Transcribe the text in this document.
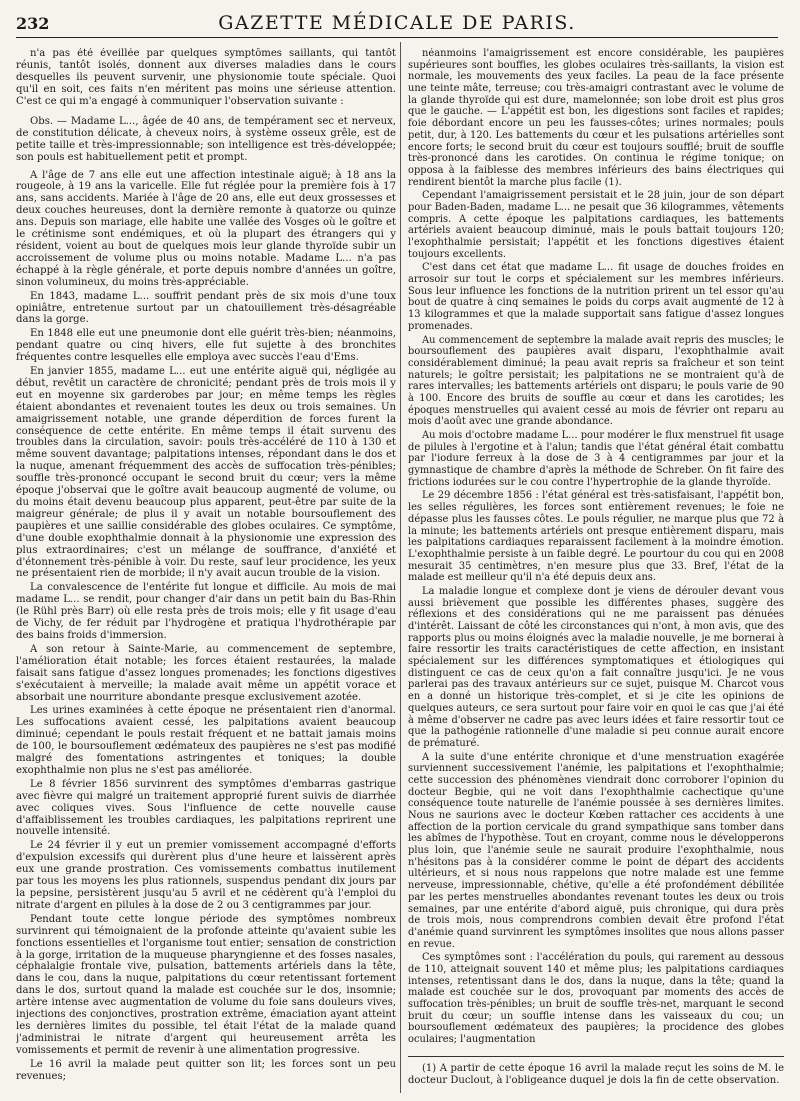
232	GAZETTE MÉDICALE DE PARIS.

n'a pas été éveillée par quelques symptômes saillants, qui tantôt réunis, tantôt isolés, donnent aux diverses maladies dans le cours desquelles ils peuvent survenir, une physionomie toute spéciale. Quoi qu'il en soit, ces faits n'en méritent pas moins une sérieuse attention. C'est ce qui m'a engagé à communiquer l'observation suivante :

Obs. — Madame L..., âgée de 40 ans, de tempérament sec et nerveux, de constitution délicate, à cheveux noirs, à système osseux grêle, est de petite taille et très-impressionnable; son intelligence est très-développée; son pouls est habituellement petit et prompt.

A l'âge de 7 ans elle eut une affection intestinale aiguë; à 18 ans la rougeole, à 19 ans la varicelle. Elle fut réglée pour la première fois à 17 ans, sans accidents. Mariée à l'âge de 20 ans, elle eut deux grossesses et deux couches heureuses, dont la dernière remonte à quatorze ou quinze ans. Depuis son mariage, elle habite une vallée des Vosges où le goître et le crétinisme sont endémiques, et où la plupart des étrangers qui y résident, voient au bout de quelques mois leur glande thyroïde subir un accroissement de volume plus ou moins notable. Madame L... n'a pas échappé à la règle générale, et porte depuis nombre d'années un goître, sinon volumineux, du moins très-appréciable.

En 1843, madame L... souffrit pendant près de six mois d'une toux opiniâtre, entretenue surtout par un chatouillement très-désagréable dans la gorge.

En 1848 elle eut une pneumonie dont elle guérit très-bien; néanmoins, pendant quatre ou cinq hivers, elle fut sujette à des bronchites fréquentes contre lesquelles elle employa avec succès l'eau d'Ems.

En janvier 1855, madame L... eut une entérite aiguë qui, négligée au début, revêtit un caractère de chronicité; pendant près de trois mois il y eut en moyenne six garderobes par jour; en même temps les règles étaient abondantes et revenaient toutes les deux ou trois semaines. Un amaigrissement notable, une grande déperdition de forces furent la conséquence de cette entérite. En même temps il était survenu des troubles dans la circulation, savoir: pouls très-accéléré de 110 à 130 et même souvent davantage; palpitations intenses, répondant dans le dos et la nuque, amenant fréquemment des accès de suffocation très-pénibles; souffle très-prononcé occupant le second bruit du cœur; vers la même époque j'observai que le goître avait beaucoup augmenté de volume, ou du moins était devenu beaucoup plus apparent, peut-être par suite de la maigreur générale; de plus il y avait un notable boursouflement des paupières et une saillie considérable des globes oculaires. Ce symptôme, d'une double exophthalmie donnait à la physionomie une expression des plus extraordinaires; c'est un mélange de souffrance, d'anxiété et d'étonnement très-pénible à voir. Du reste, sauf leur procidence, les yeux ne présentaient rien de morbide; il n'y avait aucun trouble de la vision.

La convalescence de l'entérite fut longue et difficile. Au mois de mai madame L... se rendit, pour changer d'air dans un petit bain du Bas-Rhin (le Rühl près Barr) où elle resta près de trois mois; elle y fit usage d'eau de Vichy, de fer réduit par l'hydrogène et pratiqua l'hydrothérapie par des bains froids d'immersion.

A son retour à Sainte-Marie, au commencement de septembre, l'amélioration était notable; les forces étaient restaurées, la malade faisait sans fatigue d'assez longues promenades; les fonctions digestives s'exécutaient à merveille; la malade avait même un appétit vorace et absorbait une nourriture abondante presque exclusivement azotée.

Les urines examinées à cette époque ne présentaient rien d'anormal. Les suffocations avaient cessé, les palpitations avaient beaucoup diminué; cependant le pouls restait fréquent et ne battait jamais moins de 100, le boursouflement œdémateux des paupières ne s'est pas modifié malgré des fomentations astringentes et toniques; la double exophthalmie non plus ne s'est pas améliorée.

Le 8 février 1856 survinrent des symptômes d'embarras gastrique avec fièvre qui malgré un traitement approprié furent suivis de diarrhée avec coliques vives. Sous l'influence de cette nouvelle cause d'affaiblissement les troubles cardiaques, les palpitations reprirent une nouvelle intensité.

Le 24 février il y eut un premier vomissement accompagné d'efforts d'expulsion excessifs qui durèrent plus d'une heure et laissèrent après eux une grande prostration. Ces vomissements combattus inutilement par tous les moyens les plus rationnels, suspendus pendant dix jours par la pepsine, persistèrent jusqu'au 5 avril et ne cédèrent qu'à l'emploi du nitrate d'argent en pilules à la dose de 2 ou 3 centigrammes par jour.

Pendant toute cette longue période des symptômes nombreux survinrent qui témoignaient de la profonde atteinte qu'avaient subie les fonctions essentielles et l'organisme tout entier; sensation de constriction à la gorge, irritation de la muqueuse pharyngienne et des fosses nasales, céphalalgie frontale vive, pulsation, battements artériels dans la tête, dans le cou, dans la nuque, palpitations du cœur retentissant fortement dans le dos, surtout quand la malade est couchée sur le dos, insomnie; artère intense avec augmentation de volume du foie sans douleurs vives, injections des conjonctives, prostration extrême, émaciation ayant atteint les dernières limites du possible, tel était l'état de la malade quand j'administrai le nitrate d'argent qui heureusement arrêta les vomissements et permit de revenir à une alimentation progressive.

Le 16 avril la malade peut quitter son lit; les forces sont un peu revenues;

néanmoins l'amaigrissement est encore considérable, les paupières supérieures sont bouffies, les globes oculaires très-saillants, la vision est normale, les mouvements des yeux faciles. La peau de la face présente une teinte mâte, terreuse; cou très-amaigri contrastant avec le volume de la glande thyroïde qui est dure, mamelonnée; son lobe droit est plus gros que le gauche. — L'appétit est bon, les digestions sont faciles et rapides; foie débordant encore un peu les fausses-côtes; urines normales; pouls petit, dur, à 120. Les battements du cœur et les pulsations artérielles sont encore forts; le second bruit du cœur est toujours soufflé; bruit de souffle très-prononcé dans les carotides. On continua le régime tonique; on opposa à la faiblesse des membres inférieurs des bains électriques qui rendirent bientôt la marche plus facile (1).

Cependant l'amaigrissement persistait et le 28 juin, jour de son départ pour Baden-Baden, madame L... ne pesait que 36 kilogrammes, vêtements compris. A cette époque les palpitations cardiaques, les battements artériels avaient beaucoup diminué, mais le pouls battait toujours 120; l'exophthalmie persistait; l'appétit et les fonctions digestives étaient toujours excellents.

C'est dans cet état que madame L... fit usage de douches froides en arrosoir sur tout le corps et spécialement sur les membres inférieurs. Sous leur influence les fonctions de la nutrition prirent un tel essor qu'au bout de quatre à cinq semaines le poids du corps avait augmenté de 12 à 13 kilogrammes et que la malade supportait sans fatigue d'assez longues promenades.

Au commencement de septembre la malade avait repris des muscles; le boursouflement des paupières avait disparu, l'exophthalmie avait considérablement diminué; la peau avait repris sa fraîcheur et son teint naturels; le goître persistait; les palpitations ne se montraient qu'à de rares intervalles; les battements artériels ont disparu; le pouls varie de 90 à 100. Encore des bruits de souffle au cœur et dans les carotides; les époques menstruelles qui avaient cessé au mois de février ont reparu au mois d'août avec une grande abondance.

Au mois d'octobre madame L... pour modérer le flux menstruel fit usage de pilules à l'ergotine et à l'alun; tandis que l'état général était combattu par l'iodure ferreux à la dose de 3 à 4 centigrammes par jour et la gymnastique de chambre d'après la méthode de Schreber. On fit faire des frictions iodurées sur le cou contre l'hypertrophie de la glande thyroïde.

Le 29 décembre 1856 : l'état général est très-satisfaisant, l'appétit bon, les selles régulières, les forces sont entièrement revenues; le foie ne dépasse plus les fausses côtes. Le pouls régulier, ne marque plus que 72 à la minute; les battements artériels ont presque entièrement disparu, mais les palpitations cardiaques reparaissent facilement à la moindre émotion. L'exophthalmie persiste à un faible degré. Le pourtour du cou qui en 2008 mesurait 35 centimètres, n'en mesure plus que 33. Bref, l'état de la malade est meilleur qu'il n'a été depuis deux ans.

La maladie longue et complexe dont je viens de dérouler devant vous aussi brièvement que possible les différentes phases, suggère des réflexions et des considérations qui ne me paraissent pas dénuées d'intérêt. Laissant de côté les circonstances qui n'ont, à mon avis, que des rapports plus ou moins éloignés avec la maladie nouvelle, je me bornerai à faire ressortir les traits caractéristiques de cette affection, en insistant spécialement sur les différences symptomatiques et étiologiques qui distinguent ce cas de ceux qu'on a fait connaître jusqu'ici. Je ne vous parlerai pas des travaux antérieurs sur ce sujet, puisque M. Charcot vous en a donné un historique très-complet, et si je cite les opinions de quelques auteurs, ce sera surtout pour faire voir en quoi le cas que j'ai été à même d'observer ne cadre pas avec leurs idées et faire ressortir tout ce que la pathogénie rationnelle d'une maladie si peu connue aurait encore de prématuré.

A la suite d'une entérite chronique et d'une menstruation exagérée surviennent successivement l'anémie, les palpitations et l'exophthalmie; cette succession des phénomènes viendrait donc corroborer l'opinion du docteur Begbie, qui ne voit dans l'exophthalmie cachectique qu'une conséquence toute naturelle de l'anémie poussée à ses dernières limites. Nous ne saurions avec le docteur Kœben rattacher ces accidents à une affection de la portion cervicale du grand sympathique sans tomber dans les abîmes de l'hypothèse. Tout en croyant, comme nous le développerons plus loin, que l'anémie seule ne saurait produire l'exophthalmie, nous n'hésitons pas à la considérer comme le point de départ des accidents ultérieurs, et si nous nous rappelons que notre malade est une femme nerveuse, impressionnable, chétive, qu'elle a été profondément débilitée par les pertes menstruelles abondantes revenant toutes les deux ou trois semaines, par une entérite d'abord aiguë, puis chronique, qui dura près de trois mois, nous comprendrons combien devait être profond l'état d'anémie quand survinrent les symptômes insolites que nous allons passer en revue.

Ces symptômes sont : l'accélération du pouls, qui rarement au dessous de 110, atteignait souvent 140 et même plus; les palpitations cardiaques intenses, retentissant dans le dos, dans la nuque, dans la tête; quand la malade est couchée sur le dos, provoquant par moments des accès de suffocation très-pénibles; un bruit de souffle très-net, marquant le second bruit du cœur; un souffle intense dans les vaisseaux du cou; un boursouflement œdémateux des paupières; la procidence des globes oculaires; l'augmentation

(1) A partir de cette époque 16 avril la malade reçut les soins de M. le docteur Duclout, à l'obligeance duquel je dois la fin de cette observation.
